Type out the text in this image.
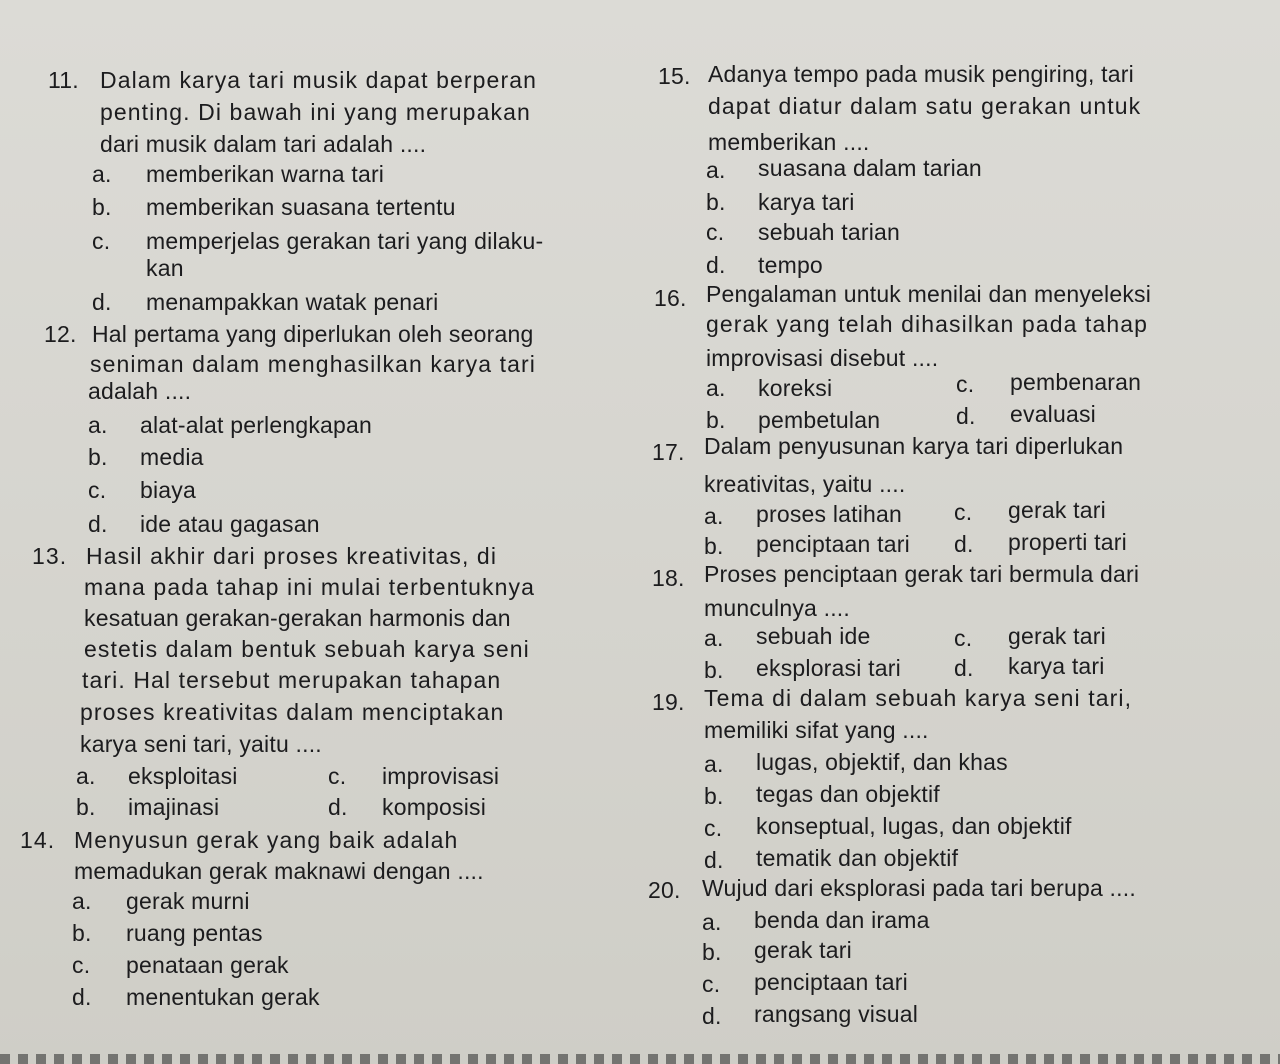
11. Dalam karya tari musik dapat berperan
penting. Di bawah ini yang merupakan
dari musik dalam tari adalah ....
a. memberikan warna tari
b. memberikan suasana tertentu
c. memperjelas gerakan tari yang dilaku-
kan
d. menampakkan watak penari
12. Hal pertama yang diperlukan oleh seorang
seniman dalam menghasilkan karya tari
adalah ....
a. alat-alat perlengkapan
b. media
c. biaya
d. ide atau gagasan
13. Hasil akhir dari proses kreativitas, di
mana pada tahap ini mulai terbentuknya
kesatuan gerakan-gerakan harmonis dan
estetis dalam bentuk sebuah karya seni
tari. Hal tersebut merupakan tahapan
proses kreativitas dalam menciptakan
karya seni tari, yaitu ....
a. eksploitasi
b. imajinasi
c. improvisasi
d. komposisi
14. Menyusun gerak yang baik adalah
memadukan gerak maknawi dengan ....
a. gerak murni
b. ruang pentas
c. penataan gerak
d. menentukan gerak
15. Adanya tempo pada musik pengiring, tari
dapat diatur dalam satu gerakan untuk
memberikan ....
a. suasana dalam tarian
b. karya tari
c. sebuah tarian
d. tempo
16. Pengalaman untuk menilai dan menyeleksi
gerak yang telah dihasilkan pada tahap
improvisasi disebut ....
a. koreksi
b. pembetulan
c. pembenaran
d. evaluasi
17. Dalam penyusunan karya tari diperlukan
kreativitas, yaitu ....
a. proses latihan
b. penciptaan tari
c. gerak tari
d. properti tari
18. Proses penciptaan gerak tari bermula dari
munculnya ....
a. sebuah ide
b. eksplorasi tari
c. gerak tari
d. karya tari
19. Tema di dalam sebuah karya seni tari,
memiliki sifat yang ....
a. lugas, objektif, dan khas
b. tegas dan objektif
c. konseptual, lugas, dan objektif
d. tematik dan objektif
20. Wujud dari eksplorasi pada tari berupa ....
a. benda dan irama
b. gerak tari
c. penciptaan tari
d. rangsang visual
